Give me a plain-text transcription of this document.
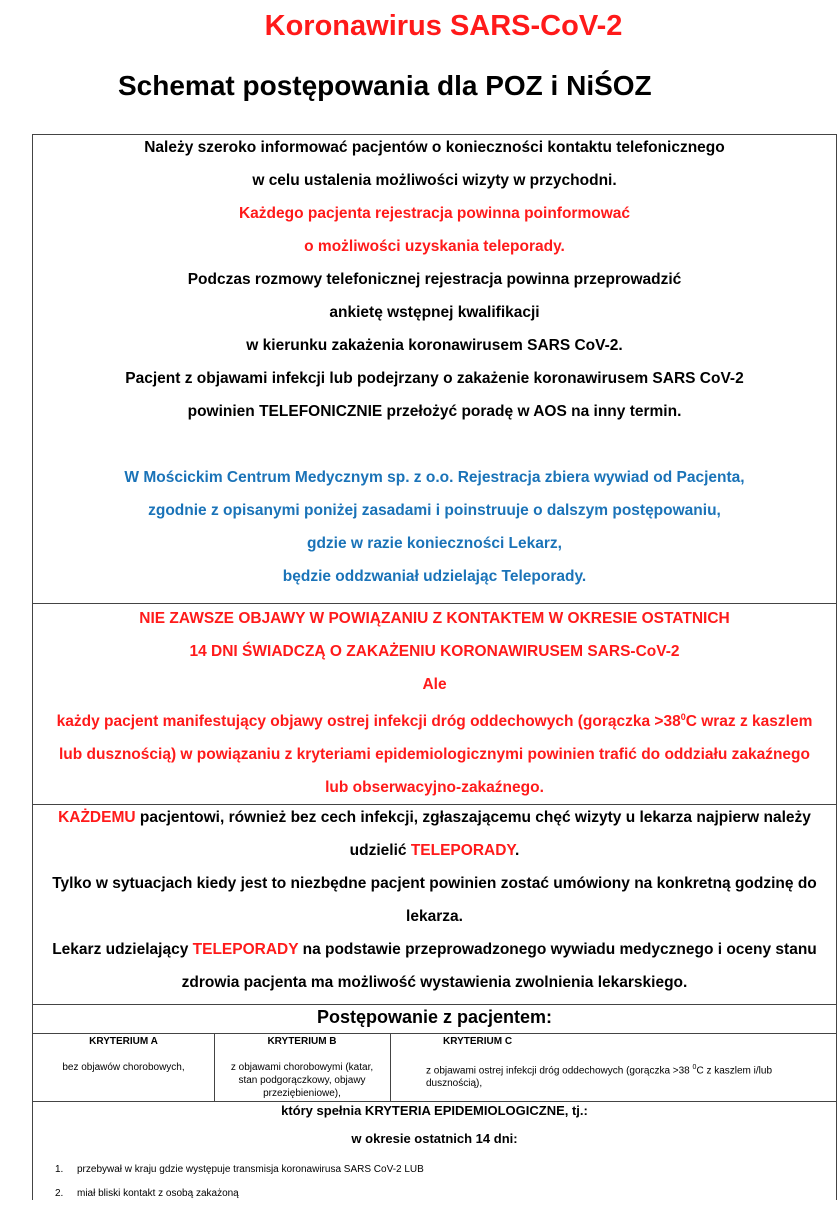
Koronawirus SARS-CoV-2
Schemat postępowania dla POZ i NiŚOZ
Należy szeroko informować pacjentów o konieczności kontaktu telefonicznego
w celu ustalenia możliwości wizyty w przychodni.
Każdego pacjenta rejestracja powinna poinformować
o możliwości uzyskania teleporady.
Podczas rozmowy telefonicznej rejestracja powinna przeprowadzić
ankietę wstępnej kwalifikacji
w kierunku zakażenia koronawirusem SARS CoV-2.
Pacjent z objawami infekcji lub podejrzany o zakażenie koronawirusem SARS CoV-2
powinien TELEFONICZNIE przełożyć poradę w AOS na inny termin.

W Mościckim Centrum Medycznym sp. z o.o. Rejestracja zbiera wywiad od Pacjenta,
zgodnie z opisanymi poniżej zasadami i poinstruuje o dalszym postępowaniu,
gdzie w razie konieczności Lekarz,
będzie oddzwaniał udzielając Teleporady.
NIE ZAWSZE OBJAWY W POWIĄZANIU Z KONTAKTEM W OKRESIE OSTATNICH
14 DNI ŚWIADCZĄ O ZAKAŻENIU KORONAWIRUSEM SARS-CoV-2
Ale
każdy pacjent manifestujący objawy ostrej infekcji dróg oddechowych (gorączka $>38^0C$ wraz z kaszlem
lub dusznością) w powiązaniu z kryteriami epidemiologicznymi powinien trafić do oddziału zakaźnego
lub obserwacyjno-zakaźnego.
KAŻDEMU pacjentowi, również bez cech infekcji, zgłaszającemu chęć wizyty u lekarza najpierw należy
udzielić TELEPORADY.
Tylko w sytuacjach kiedy jest to niezbędne pacjent powinien zostać umówiony na konkretną godzinę do
lekarza.
Lekarz udzielający TELEPORADY na podstawie przeprowadzonego wywiadu medycznego i oceny stanu
zdrowia pacjenta ma możliwość wystawienia zwolnienia lekarskiego.
Postępowanie z pacjentem:
KRYTERIUM A
bez objawów chorobowych,
KRYTERIUM B
z objawami chorobowymi (katar, stan podgorączkowy, objawy przeziębieniowe),
KRYTERIUM C
z objawami ostrej infekcji dróg oddechowych (gorączka >38 $^0$C z kaszlem i/lub dusznością),
który spełnia KRYTERIA EPIDEMIOLOGICZNE, tj.:
w okresie ostatnich 14 dni:
1. przebywał w kraju gdzie występuje transmisja koronawirusa SARS CoV-2 LUB
2. miał bliski kontakt z osobą zakażoną
